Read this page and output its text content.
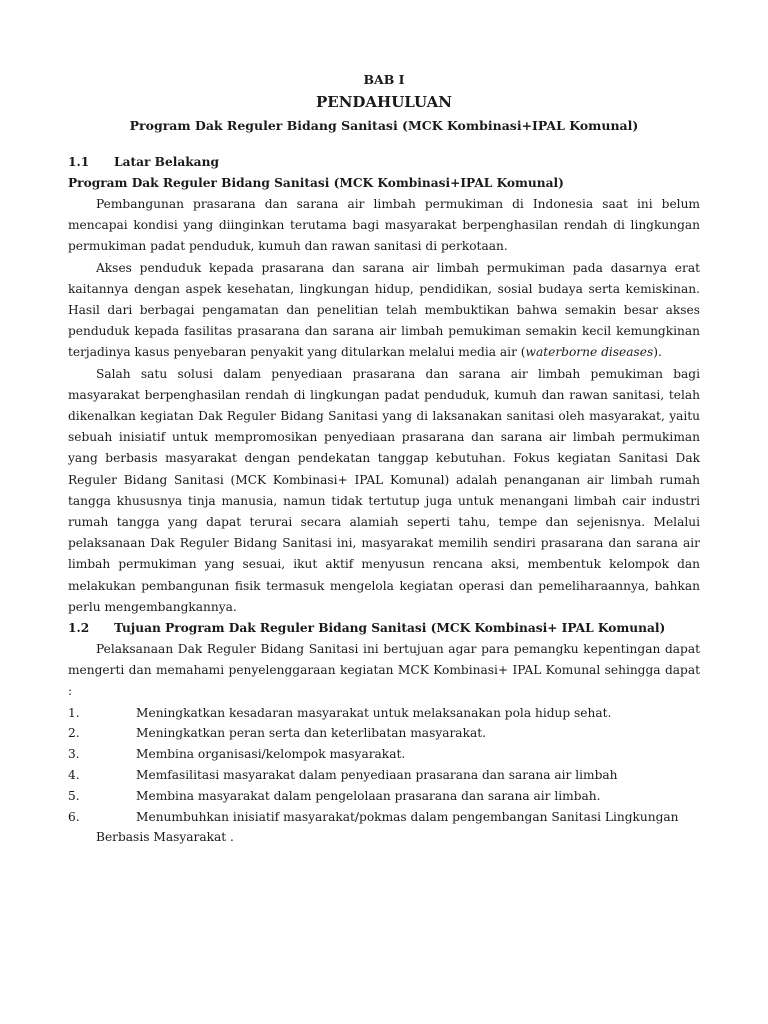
BAB I

PENDAHULUAN

Program Dak Reguler Bidang Sanitasi (MCK Kombinasi+IPAL Komunal)

1.1 Latar Belakang

Program Dak Reguler Bidang Sanitasi (MCK Kombinasi+IPAL Komunal)

Pembangunan prasarana dan sarana air limbah permukiman di Indonesia saat ini belum mencapai kondisi yang diinginkan terutama bagi masyarakat berpenghasilan rendah di lingkungan permukiman padat penduduk, kumuh dan rawan sanitasi di perkotaan.

Akses penduduk kepada prasarana dan sarana air limbah permukiman pada dasarnya erat kaitannya dengan aspek kesehatan, lingkungan hidup, pendidikan, sosial budaya serta kemiskinan. Hasil dari berbagai pengamatan dan penelitian telah membuktikan bahwa semakin besar akses penduduk kepada fasilitas prasarana dan sarana air limbah pemukiman semakin kecil kemungkinan terjadinya kasus penyebaran penyakit yang ditularkan melalui media air (waterborne diseases).

Salah satu solusi dalam penyediaan prasarana dan sarana air limbah pemukiman bagi masyarakat berpenghasilan rendah di lingkungan padat penduduk, kumuh dan rawan sanitasi, telah dikenalkan kegiatan Dak Reguler Bidang Sanitasi yang di laksanakan sanitasi oleh masyarakat, yaitu sebuah inisiatif untuk mempromosikan penyediaan prasarana dan sarana air limbah permukiman yang berbasis masyarakat dengan pendekatan tanggap kebutuhan. Fokus kegiatan Sanitasi Dak Reguler Bidang Sanitasi (MCK Kombinasi+ IPAL Komunal) adalah penanganan air limbah rumah tangga khususnya tinja manusia, namun tidak tertutup juga untuk menangani limbah cair industri rumah tangga yang dapat terurai secara alamiah seperti tahu, tempe dan sejenisnya. Melalui pelaksanaan Dak Reguler Bidang Sanitasi ini, masyarakat memilih sendiri prasarana dan sarana air limbah permukiman yang sesuai, ikut aktif menyusun rencana aksi, membentuk kelompok dan melakukan pembangunan fisik termasuk mengelola kegiatan operasi dan pemeliharaannya, bahkan perlu mengembangkannya.

1.2 Tujuan Program Dak Reguler Bidang Sanitasi (MCK Kombinasi+ IPAL Komunal)

Pelaksanaan Dak Reguler Bidang Sanitasi ini bertujuan agar para pemangku kepentingan dapat mengerti dan memahami penyelenggaraan kegiatan MCK Kombinasi+ IPAL Komunal sehingga dapat :

1.	Meningkatkan kesadaran masyarakat untuk melaksanakan pola hidup sehat.
2.	Meningkatkan peran serta dan keterlibatan masyarakat.
3.	Membina organisasi/kelompok masyarakat.
4.	Memfasilitasi masyarakat dalam penyediaan prasarana dan sarana air limbah
5.	Membina masyarakat dalam pengelolaan prasarana dan sarana air limbah.
6.	Menumbuhkan inisiatif masyarakat/pokmas dalam pengembangan Sanitasi Lingkungan
Berbasis Masyarakat .
